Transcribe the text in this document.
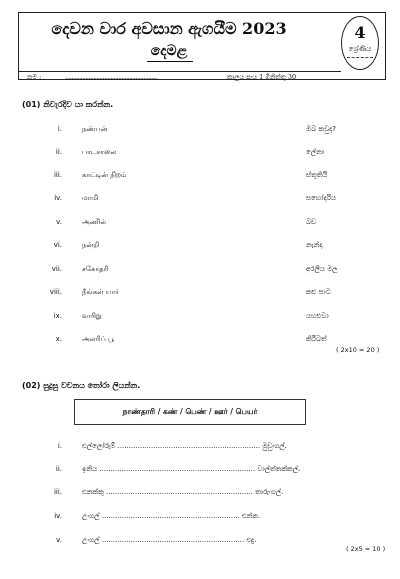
දෙවන වාර අවසාන ඇගයීම 2023
දෙමළ
නම :	...........................................................	කාලය පැය 1 මිනිත්තු 30
4
ශ්‍රේණිය
(01) නිවැරදිව යා කරන්න.
i.	நண்பன்	ඔබ කවුද?
ii.	பாடசாலை	ලේනා
iii.	காட்டின் நிறம்	ස්තූතියි
iv.	மாமி	සහෝදරිය
v.	அணில்	බඩ
vi.	நன்றி	නැන්දා
vii.	சகோதரி	අරලිය මල
viii.	நீங்கள் யார்	කළු පාට
ix.	வயிறு	යහළුවා
x.	அலரிப் பூ	කිරිබත්
( 2x10 = 20 )
(02) සුදුසු වචනය තෝරා ලියන්න.
நாண்தாரி / கண் / பெண் / ஊர் / பெயர்
i.	එල්ලෝරුම් ................................................................ මුඩුංගල්.
ii.	ඉනිය ...................................................................... වාල්ත්තක්කල්.
iii.	එනක්කු .................................................................. තාරුංගල්.
iv.	උංගල් .............................................................. එන්න.
v.	උංගල් ................................................................ එදු.
( 2x5 = 10 )
